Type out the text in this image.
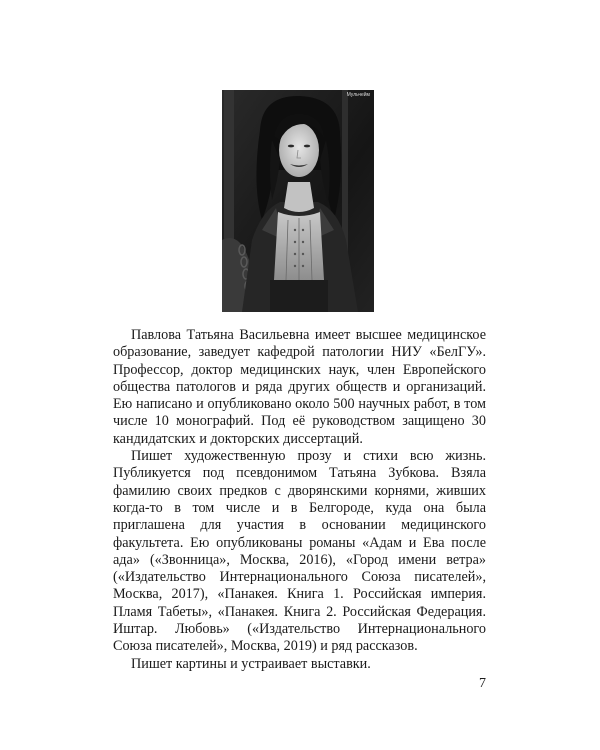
Мульчейм

Павлова Татьяна Васильевна имеет высшее медицинское образование, заведует кафедрой патологии НИУ «БелГУ». Профессор, доктор медицинских наук, член Европейского общества патологов и ряда других обществ и организаций. Ею написано и опубликовано около 500 научных работ, в том числе 10 монографий. Под её руководством защищено 30 кандидатских и докторских диссертаций.

Пишет художественную прозу и стихи всю жизнь. Публикуется под псевдонимом Татьяна Зубкова. Взяла фамилию своих предков с дворянскими корнями, живших когда-то в том числе и в Белгороде, куда она была приглашена для участия в основании медицинского факультета. Ею опубликованы романы «Адам и Ева после ада» («Звонница», Москва, 2016), «Город имени ветра» («Издательство Интернационального Союза писателей», Москва, 2017), «Панакея. Книга 1. Российская империя. Пламя Табеты», «Панакея. Книга 2. Российская Федерация. Иштар. Любовь» («Издательство Интернационального Союза писателей», Москва, 2019) и ряд рассказов.

Пишет картины и устраивает выставки.

7
